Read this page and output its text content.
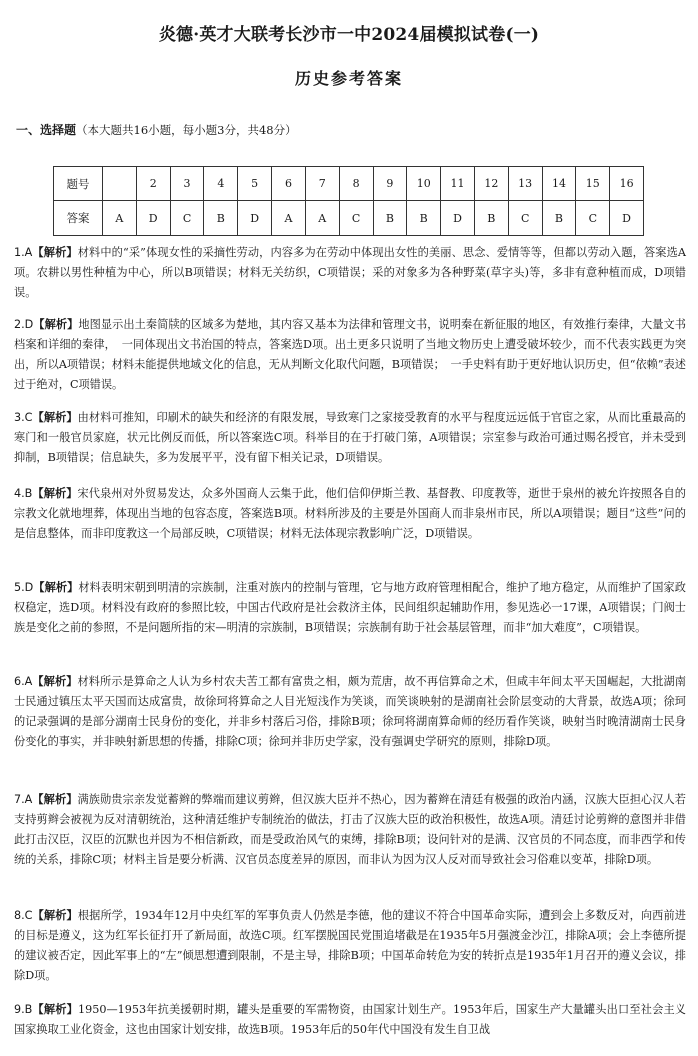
炎德·英才大联考长沙市一中2024届模拟试卷(一)
历史参考答案
一、选择题（本大题共16小题，每小题3分，共48分）
题号		2	3	4	5	6	7	8	9	10	11	12	13	14	15	16
答案	A	D	C	B	D	A	A	C	B	B	D	B	C	B	C	D

1.A【解析】材料中的“采”体现女性的采摘性劳动，内容多为在劳动中体现出女性的美丽、思念、爱情等等，但都以劳动入题，答案选A项。农耕以男性种植为中心，所以B项错误；材料无关纺织，C项错误；采的对象多为各种野菜(草字头)等，多非有意种植而成，D项错误。

2.D【解析】地图显示出土秦简牍的区域多为楚地，其内容又基本为法律和管理文书，说明秦在新征服的地区，有效推行秦律，大量文书档案和详细的秦律，　一同体现出文书治国的特点，答案选D项。出土更多只说明了当地文物历史上遭受破坏较少，而不代表实践更为突出，所以A项错误；材料未能提供地域文化的信息，无从判断文化取代问题，B项错误；　一手史料有助于更好地认识历史，但“依赖”表述过于绝对，C项错误。

3.C【解析】由材料可推知，印刷术的缺失和经济的有限发展，导致寒门之家接受教育的水平与程度远远低于官宦之家，从而比重最高的寒门和一般官员家庭，状元比例反而低，所以答案选C项。科举目的在于打破门第，A项错误；宗室参与政治可通过赐名授官，并未受到抑制，B项错误；信息缺失，多为发展平平，没有留下相关记录，D项错误。

4.B【解析】宋代泉州对外贸易发达，众多外国商人云集于此，他们信仰伊斯兰教、基督教、印度教等，逝世于泉州的被允许按照各自的宗教文化就地埋葬，体现出当地的包容态度，答案选B项。材料所涉及的主要是外国商人而非泉州市民，所以A项错误；题目“这些”问的是信息整体，而非印度教这一个局部反映，C项错误；材料无法体现宗教影响广泛，D项错误。

5.D【解析】材料表明宋朝到明清的宗族制，注重对族内的控制与管理，它与地方政府管理相配合，维护了地方稳定，从而维护了国家政权稳定，选D项。材料没有政府的参照比较，中国古代政府是社会救济主体，民间组织起辅助作用，参见选必一17课，A项错误；门阀士族是变化之前的参照，不是问题所指的宋—明清的宗族制，B项错误；宗族制有助于社会基层管理，而非“加大难度”，C项错误。

6.A【解析】材料所示是算命之人认为乡村农夫苦工都有富贵之相，颇为荒唐，故不再信算命之术，但咸丰年间太平天国崛起，大批湖南士民通过镇压太平天国而达成富贵，故徐珂将算命之人目光短浅作为笑谈，而笑谈映射的是湖南社会阶层变动的大背景，故选A项；徐珂的记录强调的是部分湖南士民身份的变化，并非乡村落后习俗，排除B项；徐珂将湖南算命师的经历看作笑谈，映射当时晚清湖南士民身份变化的事实，并非映射新思想的传播，排除C项；徐珂并非历史学家，没有强调史学研究的原则，排除D项。

7.A【解析】满族勋贵宗亲发觉蓄辫的弊端而建议剪辫，但汉族大臣并不热心，因为蓄辫在清廷有极强的政治内涵，汉族大臣担心汉人若支持剪辫会被视为反对清朝统治，这种清廷维护专制统治的做法，打击了汉族大臣的政治积极性，故选A项。清廷讨论剪辫的意图并非借此打击汉臣，汉臣的沉默也并因为不相信新政，而是受政治风气的束缚，排除B项；设问针对的是满、汉官员的不同态度，而非西学和传统的关系，排除C项；材料主旨是要分析满、汉官员态度差异的原因，而非认为因为汉人反对而导致社会习俗难以变革，排除D项。

8.C【解析】根据所学，1934年12月中央红军的军事负责人仍然是李德，他的建议不符合中国革命实际，遭到会上多数反对，向西前进的目标是遵义，这为红军长征打开了新局面，故选C项。红军摆脱国民党围追堵截是在1935年5月强渡金沙江，排除A项；会上李德所提的建议被否定，因此军事上的“左”倾思想遭到限制，不是主导，排除B项；中国革命转危为安的转折点是1935年1月召开的遵义会议，排除D项。

9.B【解析】1950—1953年抗美援朝时期，罐头是重要的军需物资，由国家计划生产。1953年后，国家生产大量罐头出口至社会主义国家换取工业化资金，这也由国家计划安排，故选B项。1953年后的50年代中国没有发生自卫战
